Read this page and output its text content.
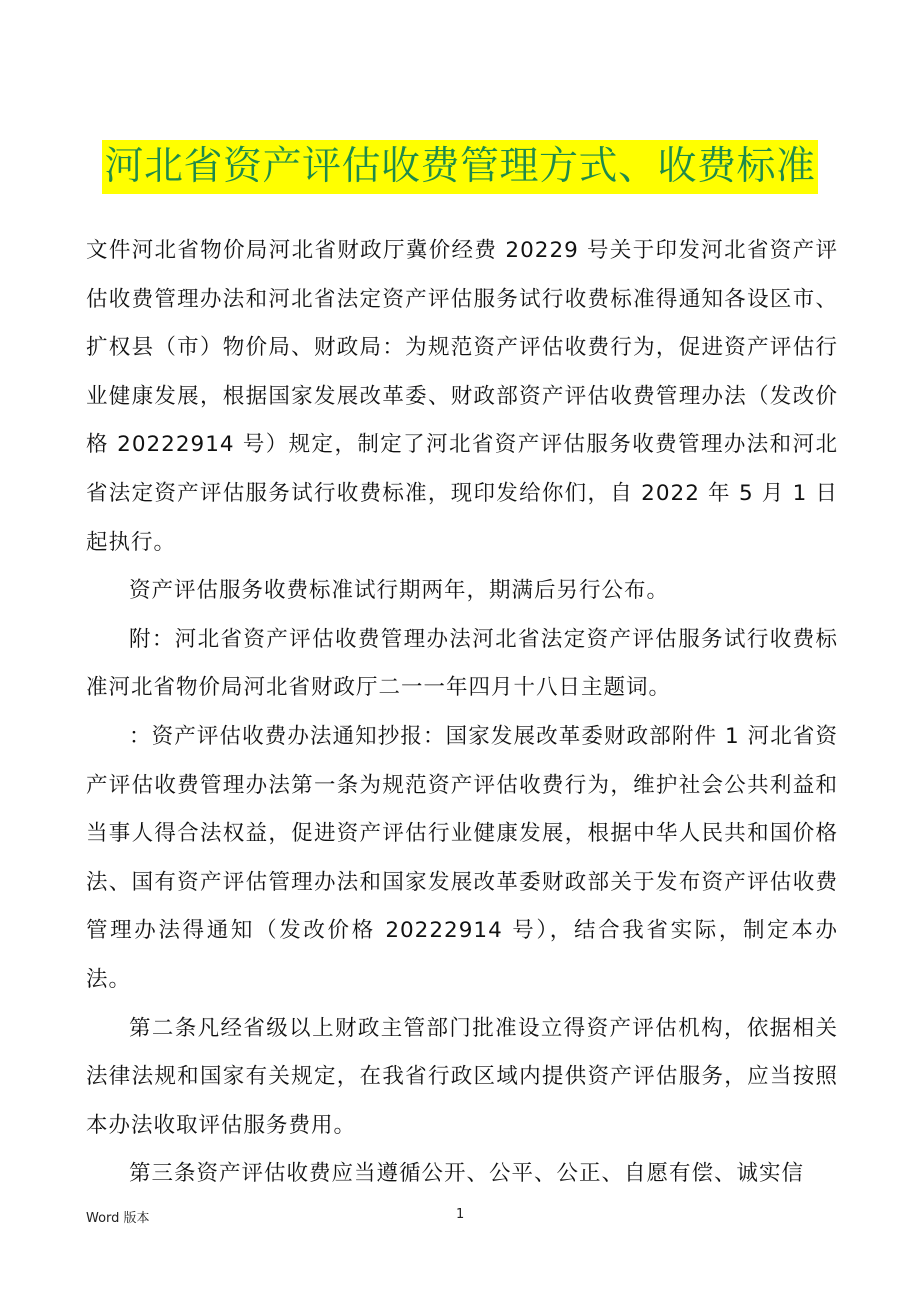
河北省资产评估收费管理方式、收费标准

文件河北省物价局河北省财政厅冀价经费 20229 号关于印发河北省资产评估收费管理办法和河北省法定资产评估服务试行收费标准得通知各设区市、扩权县（市）物价局、财政局：为规范资产评估收费行为，促进资产评估行业健康发展，根据国家发展改革委、财政部资产评估收费管理办法（发改价格 20222914 号）规定，制定了河北省资产评估服务收费管理办法和河北省法定资产评估服务试行收费标准，现印发给你们，自 2022 年 5 月 1 日起执行。

资产评估服务收费标准试行期两年，期满后另行公布。

附：河北省资产评估收费管理办法河北省法定资产评估服务试行收费标准河北省物价局河北省财政厅二一一年四月十八日主题词。

：资产评估收费办法通知抄报：国家发展改革委财政部附件 1 河北省资产评估收费管理办法第一条为规范资产评估收费行为，维护社会公共利益和当事人得合法权益，促进资产评估行业健康发展，根据中华人民共和国价格法、国有资产评估管理办法和国家发展改革委财政部关于发布资产评估收费管理办法得通知（发改价格 20222914 号），结合我省实际，制定本办法。

第二条凡经省级以上财政主管部门批准设立得资产评估机构，依据相关法律法规和国家有关规定，在我省行政区域内提供资产评估服务，应当按照本办法收取评估服务费用。

第三条资产评估收费应当遵循公开、公平、公正、自愿有偿、诚实信

Word 版本	1
